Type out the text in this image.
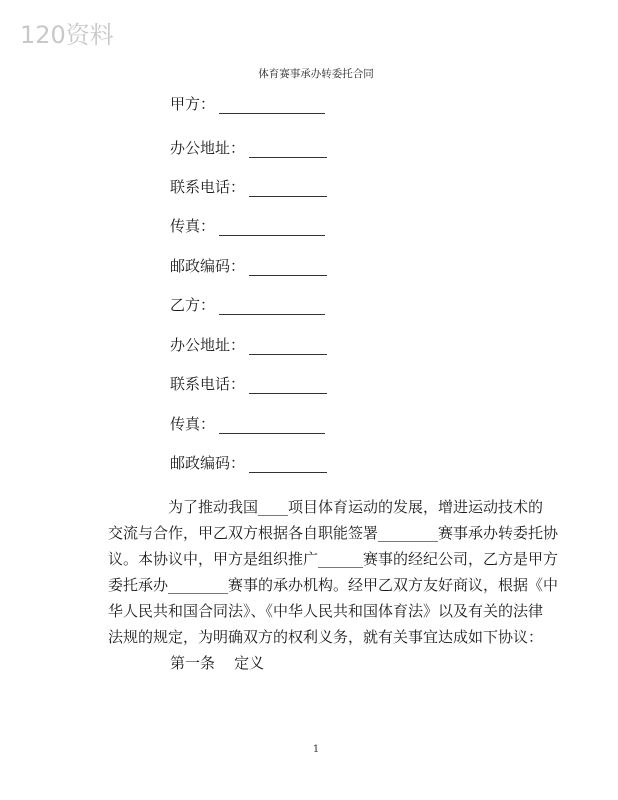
120资料
体育赛事承办转委托合同
甲方：
办公地址：
联系电话：
传真：
邮政编码：
乙方：
办公地址：
联系电话：
传真：
邮政编码：
为了推动我国____项目体育运动的发展，增进运动技术的
交流与合作，甲乙双方根据各自职能签署________赛事承办转委托协
议。本协议中，甲方是组织推广______赛事的经纪公司，乙方是甲方
委托承办________赛事的承办机构。经甲乙双方友好商议，根据《中
华人民共和国合同法》、《中华人民共和国体育法》以及有关的法律
法规的规定，为明确双方的权利义务，就有关事宜达成如下协议：
第一条    定义
1
